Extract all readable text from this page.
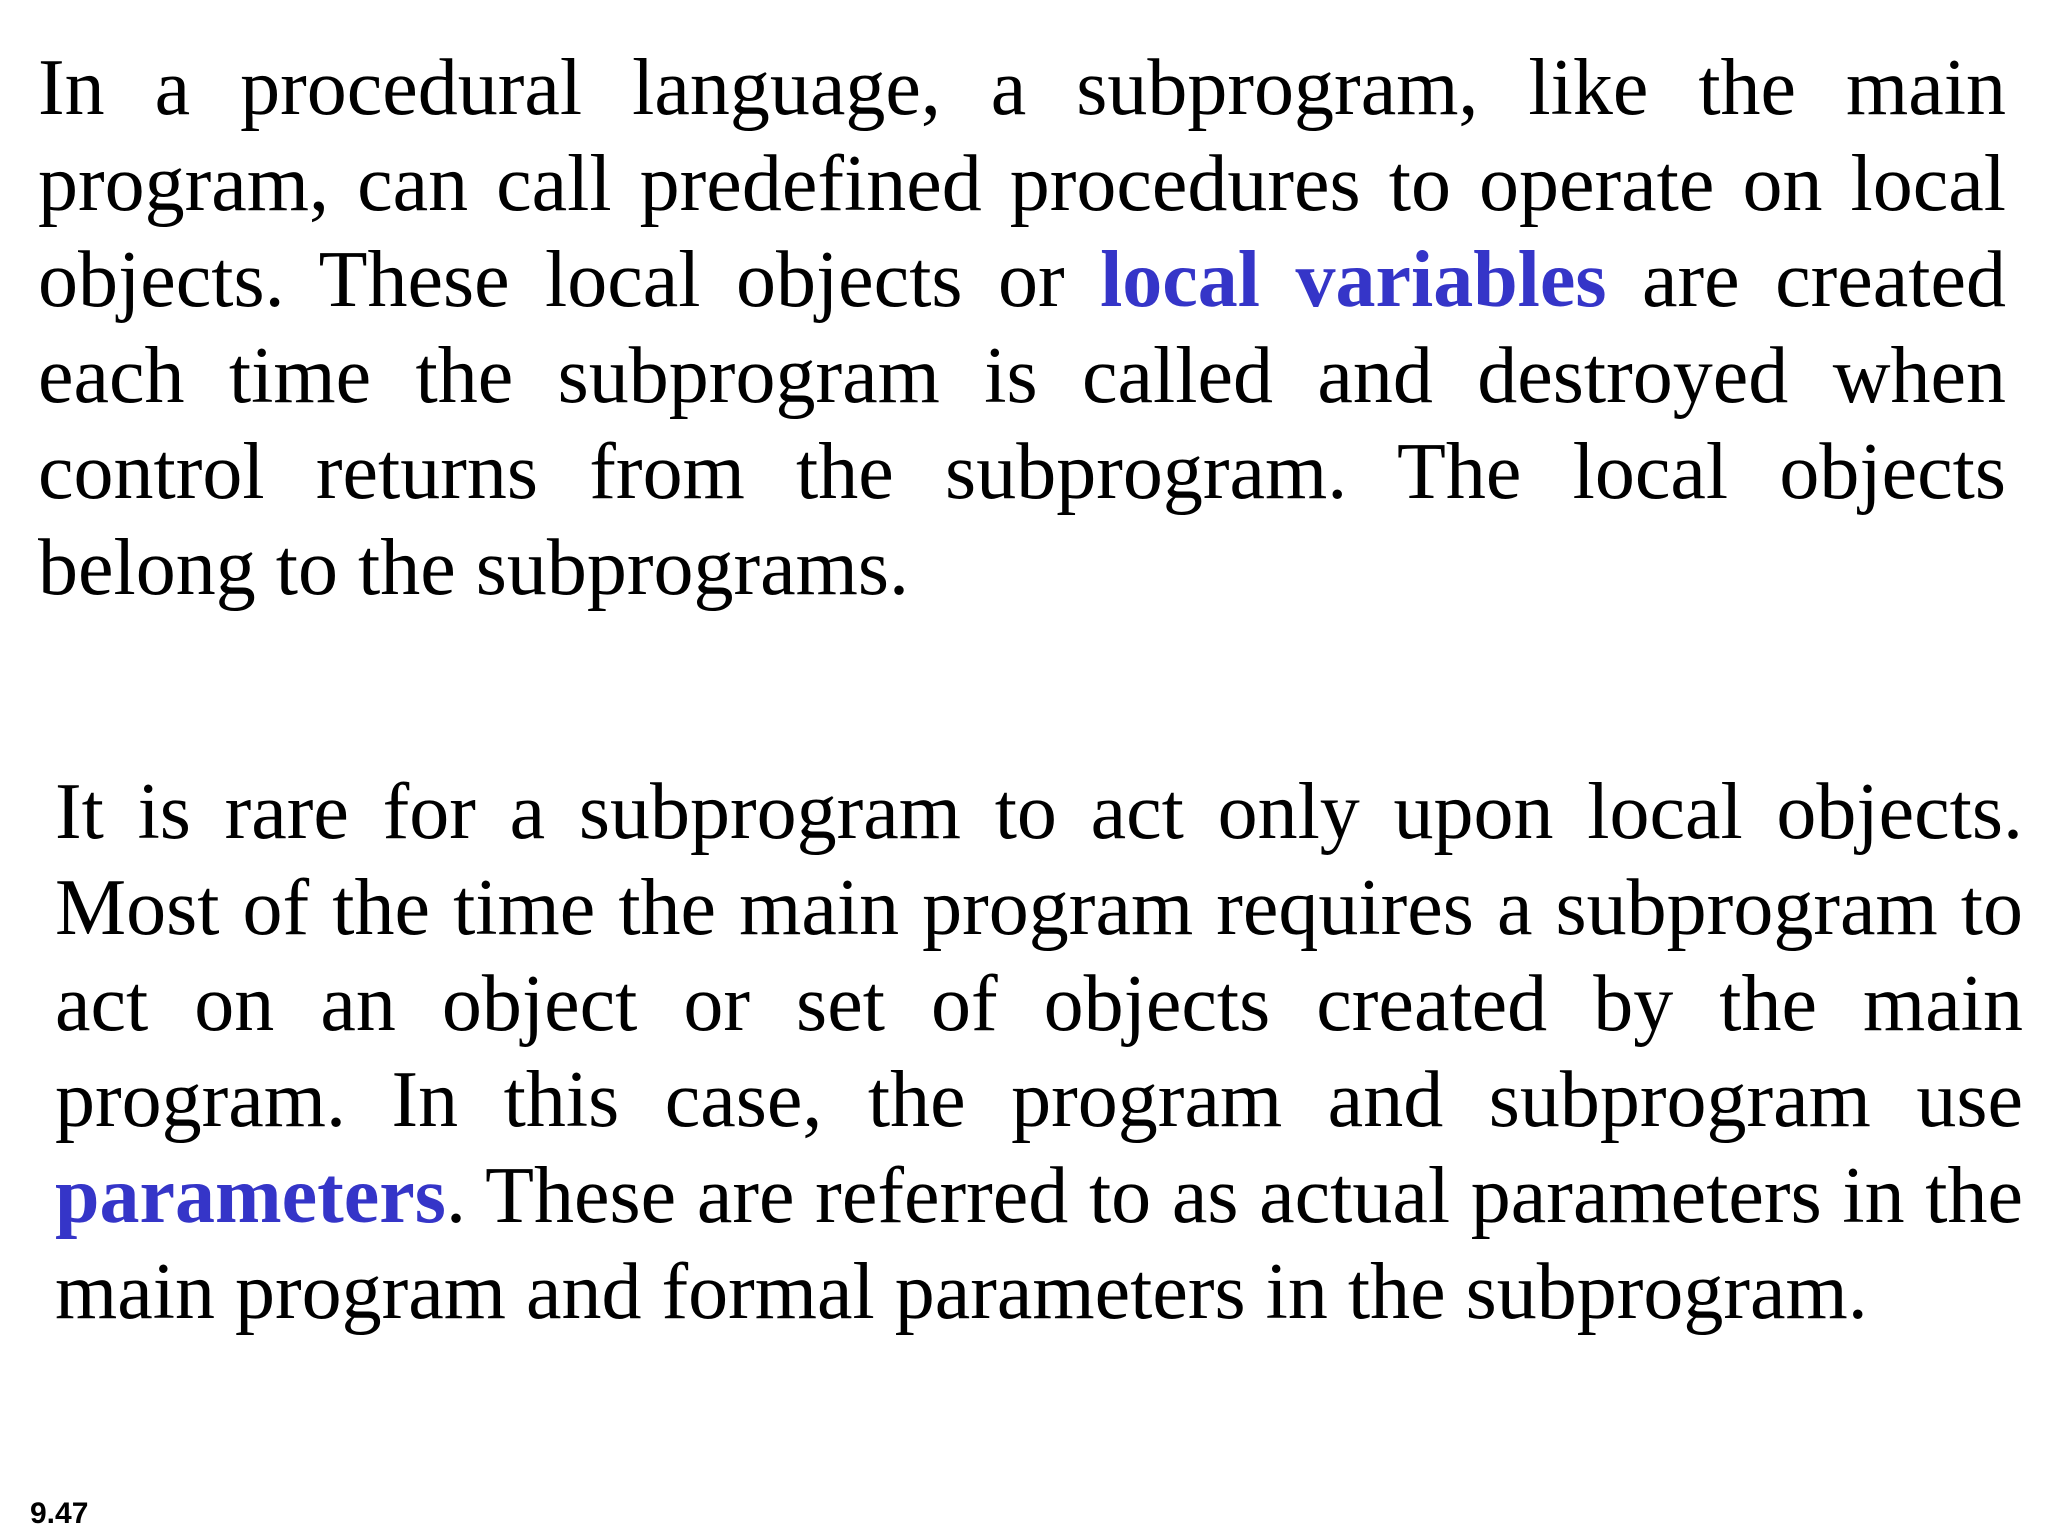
In a procedural language, a subprogram, like the main program, can call predefined procedures to operate on local objects. These local objects or local variables are created each time the subprogram is called and destroyed when control returns from the subprogram. The local objects belong to the subprograms.

It is rare for a subprogram to act only upon local objects. Most of the time the main program requires a subprogram to act on an object or set of objects created by the main program. In this case, the program and subprogram use parameters. These are referred to as actual parameters in the main program and formal parameters in the subprogram.

9.47
